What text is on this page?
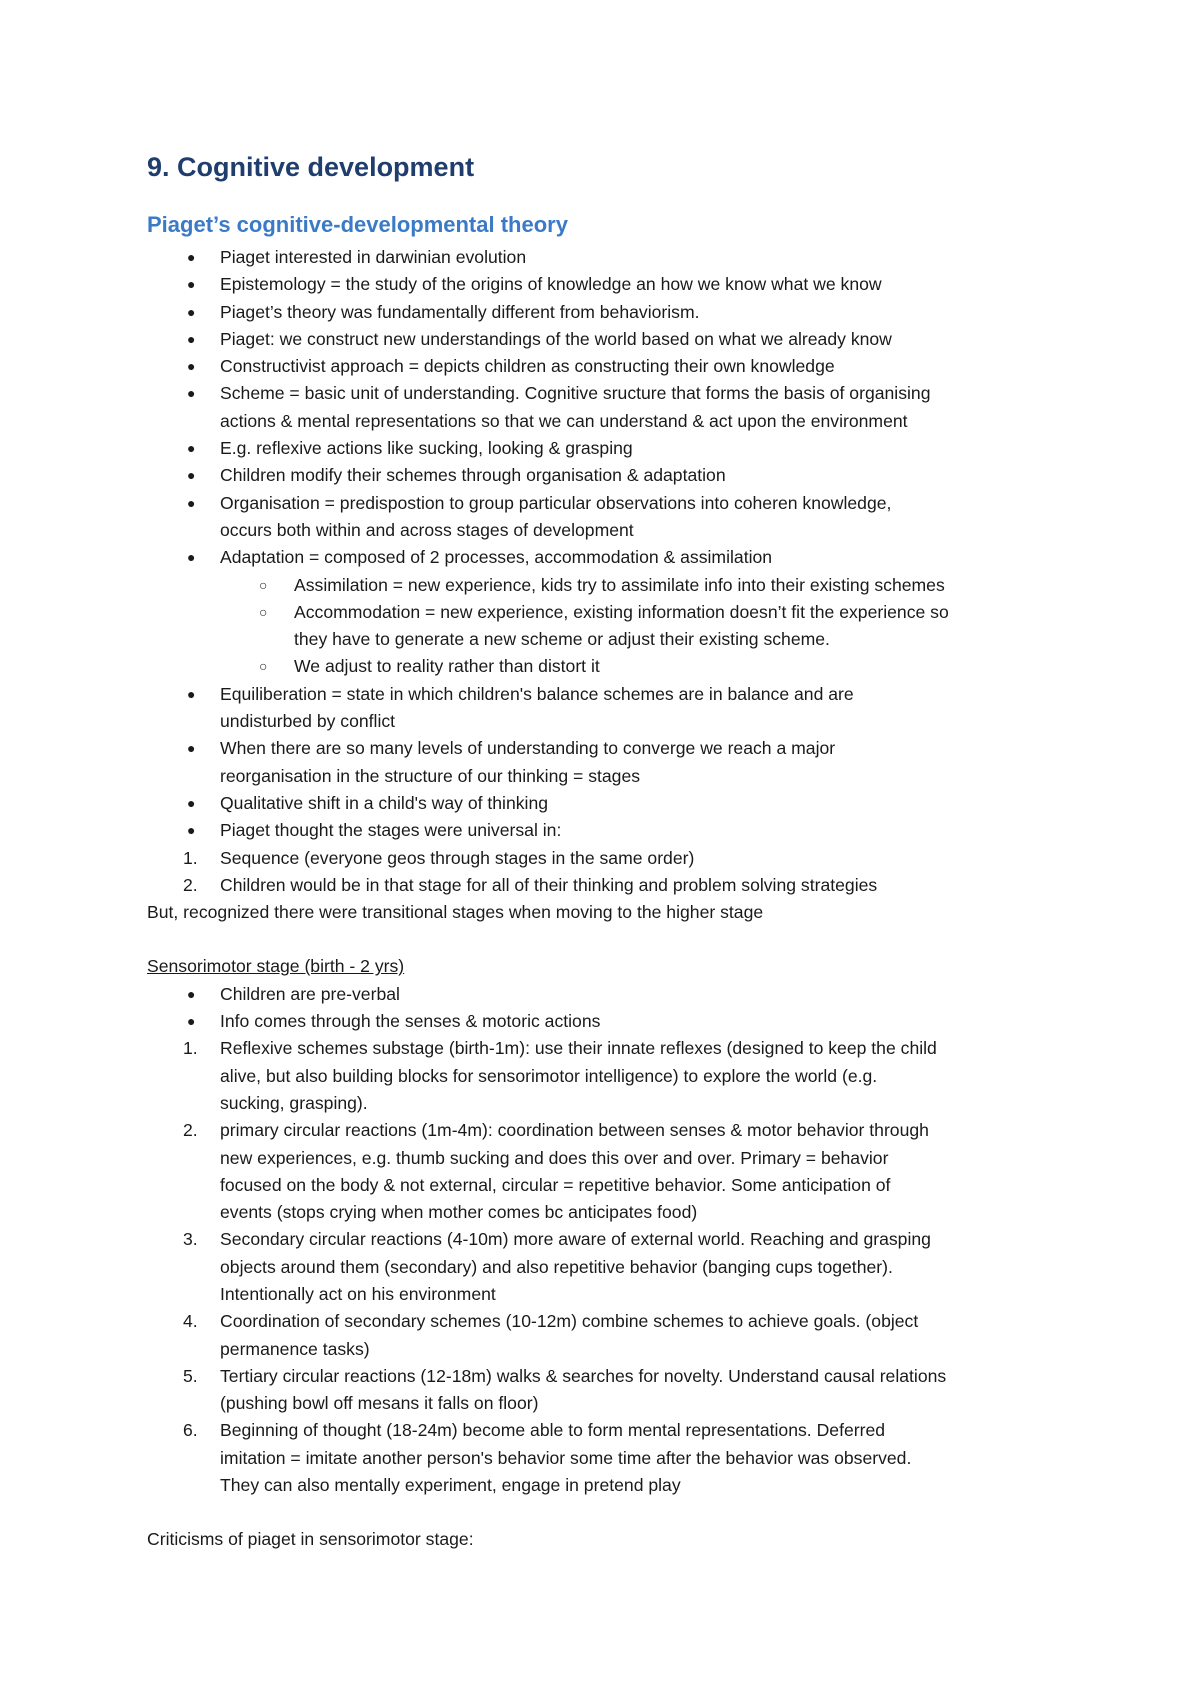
9. Cognitive development
Piaget’s cognitive-developmental theory
● Piaget interested in darwinian evolution
● Epistemology = the study of the origins of knowledge an how we know what we know
● Piaget’s theory was fundamentally different from behaviorism.
● Piaget: we construct new understandings of the world based on what we already know
● Constructivist approach = depicts children as constructing their own knowledge
● Scheme = basic unit of understanding. Cognitive sructure that forms the basis of organising
actions & mental representations so that we can understand & act upon the environment
● E.g. reflexive actions like sucking, looking & grasping
● Children modify their schemes through organisation & adaptation
● Organisation = predispostion to group particular observations into coheren knowledge,
occurs both within and across stages of development
● Adaptation = composed of 2 processes, accommodation & assimilation
○ Assimilation = new experience, kids try to assimilate info into their existing schemes
○ Accommodation = new experience, existing information doesn’t fit the experience so
they have to generate a new scheme or adjust their existing scheme.
○ We adjust to reality rather than distort it
● Equiliberation = state in which children's balance schemes are in balance and are
undisturbed by conflict
● When there are so many levels of understanding to converge we reach a major
reorganisation in the structure of our thinking = stages
● Qualitative shift in a child's way of thinking
● Piaget thought the stages were universal in:
1. Sequence (everyone geos through stages in the same order)
2. Children would be in that stage for all of their thinking and problem solving strategies
But, recognized there were transitional stages when moving to the higher stage
Sensorimotor stage (birth - 2 yrs)
● Children are pre-verbal
● Info comes through the senses & motoric actions
1. Reflexive schemes substage (birth-1m): use their innate reflexes (designed to keep the child
alive, but also building blocks for sensorimotor intelligence) to explore the world (e.g.
sucking, grasping).
2. primary circular reactions (1m-4m): coordination between senses & motor behavior through
new experiences, e.g. thumb sucking and does this over and over. Primary = behavior
focused on the body & not external, circular = repetitive behavior. Some anticipation of
events (stops crying when mother comes bc anticipates food)
3. Secondary circular reactions (4-10m) more aware of external world. Reaching and grasping
objects around them (secondary) and also repetitive behavior (banging cups together).
Intentionally act on his environment
4. Coordination of secondary schemes (10-12m) combine schemes to achieve goals. (object
permanence tasks)
5. Tertiary circular reactions (12-18m) walks & searches for novelty. Understand causal relations
(pushing bowl off mesans it falls on floor)
6. Beginning of thought (18-24m) become able to form mental representations. Deferred
imitation = imitate another person's behavior some time after the behavior was observed.
They can also mentally experiment, engage in pretend play
Criticisms of piaget in sensorimotor stage:
